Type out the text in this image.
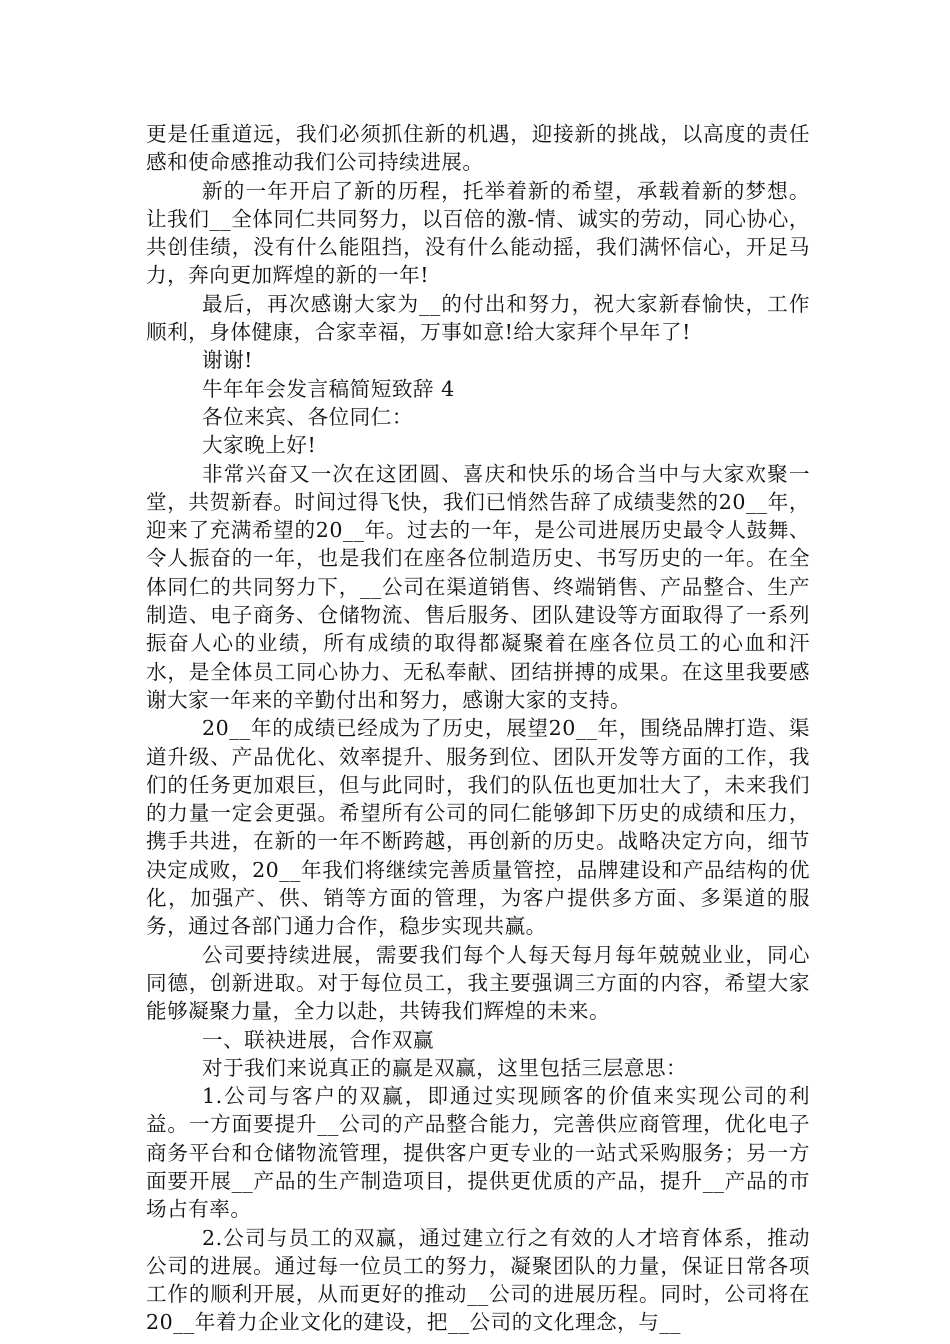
更是任重道远，我们必须抓住新的机遇，迎接新的挑战，以高度的责任感和使命感推动我们公司持续进展。

新的一年开启了新的历程，托举着新的希望，承载着新的梦想。让我们__全体同仁共同努力，以百倍的激-情、诚实的劳动，同心协心，共创佳绩，没有什么能阻挡，没有什么能动摇，我们满怀信心，开足马力，奔向更加辉煌的新的一年!

最后，再次感谢大家为__的付出和努力，祝大家新春愉快，工作顺利，身体健康，合家幸福，万事如意!给大家拜个早年了!

谢谢!

牛年年会发言稿简短致辞 4

各位来宾、各位同仁：

大家晚上好!

非常兴奋又一次在这团圆、喜庆和快乐的场合当中与大家欢聚一堂，共贺新春。时间过得飞快，我们已悄然告辞了成绩斐然的20__年，迎来了充满希望的20__年。过去的一年，是公司进展历史最令人鼓舞、令人振奋的一年，也是我们在座各位制造历史、书写历史的一年。在全体同仁的共同努力下，__公司在渠道销售、终端销售、产品整合、生产制造、电子商务、仓储物流、售后服务、团队建设等方面取得了一系列振奋人心的业绩，所有成绩的取得都凝聚着在座各位员工的心血和汗水，是全体员工同心协力、无私奉献、团结拼搏的成果。在这里我要感谢大家一年来的辛勤付出和努力，感谢大家的支持。

20__年的成绩已经成为了历史，展望20__年，围绕品牌打造、渠道升级、产品优化、效率提升、服务到位、团队开发等方面的工作，我们的任务更加艰巨，但与此同时，我们的队伍也更加壮大了，未来我们的力量一定会更强。希望所有公司的同仁能够卸下历史的成绩和压力，携手共进，在新的一年不断跨越，再创新的历史。战略决定方向，细节决定成败，20__年我们将继续完善质量管控，品牌建设和产品结构的优化，加强产、供、销等方面的管理，为客户提供多方面、多渠道的服务，通过各部门通力合作，稳步实现共赢。

公司要持续进展，需要我们每个人每天每月每年兢兢业业，同心同德，创新进取。对于每位员工，我主要强调三方面的内容，希望大家能够凝聚力量，全力以赴，共铸我们辉煌的未来。

一、联袂进展，合作双赢

对于我们来说真正的赢是双赢，这里包括三层意思：

1.公司与客户的双赢，即通过实现顾客的价值来实现公司的利益。一方面要提升__公司的产品整合能力，完善供应商管理，优化电子商务平台和仓储物流管理，提供客户更专业的一站式采购服务；另一方面要开展__产品的生产制造项目，提供更优质的产品，提升__产品的市场占有率。

2.公司与员工的双赢，通过建立行之有效的人才培育体系，推动公司的进展。通过每一位员工的努力，凝聚团队的力量，保证日常各项工作的顺利开展，从而更好的推动__公司的进展历程。同时，公司将在20__年着力企业文化的建设，把__公司的文化理念，与__
